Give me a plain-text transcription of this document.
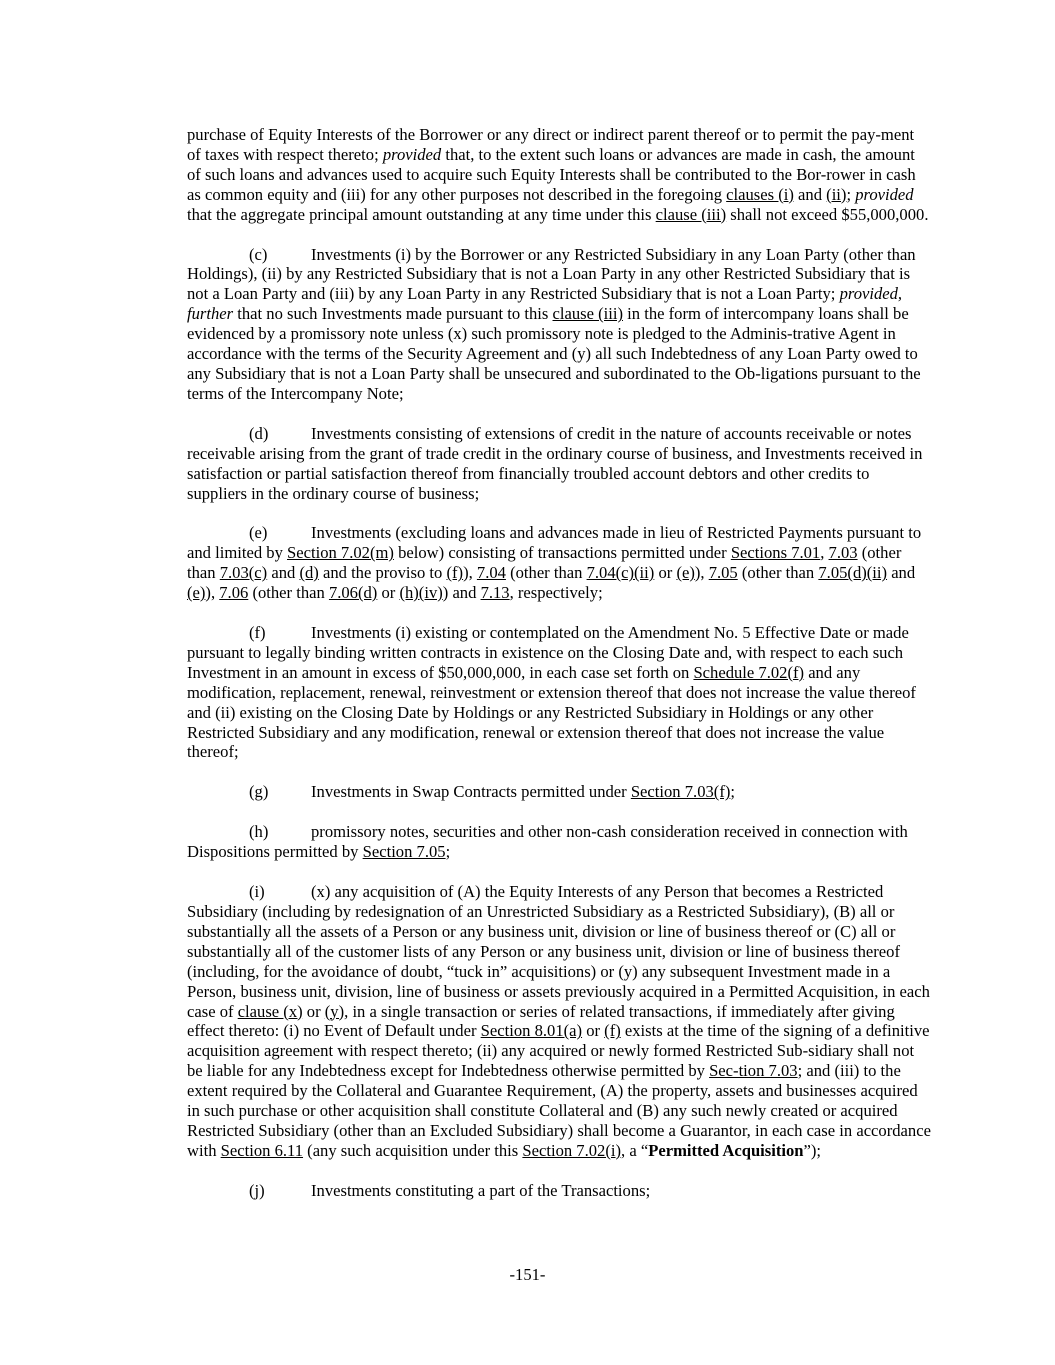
purchase of Equity Interests of the Borrower or any direct or indirect parent thereof or to permit the pay-ment of taxes with respect thereto; provided that, to the extent such loans or advances are made in cash, the amount of such loans and advances used to acquire such Equity Interests shall be contributed to the Bor-rower in cash as common equity and (iii) for any other purposes not described in the foregoing clauses (i) and (ii); provided that the aggregate principal amount outstanding at any time under this clause (iii) shall not exceed $55,000,000.

(c)	Investments (i) by the Borrower or any Restricted Subsidiary in any Loan Party (other than Holdings), (ii) by any Restricted Subsidiary that is not a Loan Party in any other Restricted Subsidiary that is not a Loan Party and (iii) by any Loan Party in any Restricted Subsidiary that is not a Loan Party; provided, further that no such Investments made pursuant to this clause (iii) in the form of intercompany loans shall be evidenced by a promissory note unless (x) such promissory note is pledged to the Adminis-trative Agent in accordance with the terms of the Security Agreement and (y) all such Indebtedness of any Loan Party owed to any Subsidiary that is not a Loan Party shall be unsecured and subordinated to the Ob-ligations pursuant to the terms of the Intercompany Note;

(d)	Investments consisting of extensions of credit in the nature of accounts receivable or notes receivable arising from the grant of trade credit in the ordinary course of business, and Investments received in satisfaction or partial satisfaction thereof from financially troubled account debtors and other credits to suppliers in the ordinary course of business;

(e)	Investments (excluding loans and advances made in lieu of Restricted Payments pursuant to and limited by Section 7.02(m) below) consisting of transactions permitted under Sections 7.01, 7.03 (other than 7.03(c) and (d) and the proviso to (f)), 7.04 (other than 7.04(c)(ii) or (e)), 7.05 (other than 7.05(d)(ii) and (e)), 7.06 (other than 7.06(d) or (h)(iv)) and 7.13, respectively;

(f)	Investments (i) existing or contemplated on the Amendment No. 5 Effective Date or made pursuant to legally binding written contracts in existence on the Closing Date and, with respect to each such Investment in an amount in excess of $50,000,000, in each case set forth on Schedule 7.02(f) and any modification, replacement, renewal, reinvestment or extension thereof that does not increase the value thereof and (ii) existing on the Closing Date by Holdings or any Restricted Subsidiary in Holdings or any other Restricted Subsidiary and any modification, renewal or extension thereof that does not increase the value thereof;

(g)	Investments in Swap Contracts permitted under Section 7.03(f);

(h)	promissory notes, securities and other non-cash consideration received in connection with Dispositions permitted by Section 7.05;

(i)	(x) any acquisition of (A) the Equity Interests of any Person that becomes a Restricted Subsidiary (including by redesignation of an Unrestricted Subsidiary as a Restricted Subsidiary), (B) all or substantially all the assets of a Person or any business unit, division or line of business thereof or (C) all or substantially all of the customer lists of any Person or any business unit, division or line of business thereof (including, for the avoidance of doubt, “tuck in” acquisitions) or (y) any subsequent Investment made in a Person, business unit, division, line of business or assets previously acquired in a Permitted Acquisition, in each case of clause (x) or (y), in a single transaction or series of related transactions, if immediately after giving effect thereto: (i) no Event of Default under Section 8.01(a) or (f) exists at the time of the signing of a definitive acquisition agreement with respect thereto; (ii) any acquired or newly formed Restricted Sub-sidiary shall not be liable for any Indebtedness except for Indebtedness otherwise permitted by Sec-tion 7.03; and (iii) to the extent required by the Collateral and Guarantee Requirement, (A) the property, assets and businesses acquired in such purchase or other acquisition shall constitute Collateral and (B) any such newly created or acquired Restricted Subsidiary (other than an Excluded Subsidiary) shall become a Guarantor, in each case in accordance with Section 6.11 (any such acquisition under this Section 7.02(i), a “Permitted Acquisition”);

(j)	Investments constituting a part of the Transactions;

-151-
